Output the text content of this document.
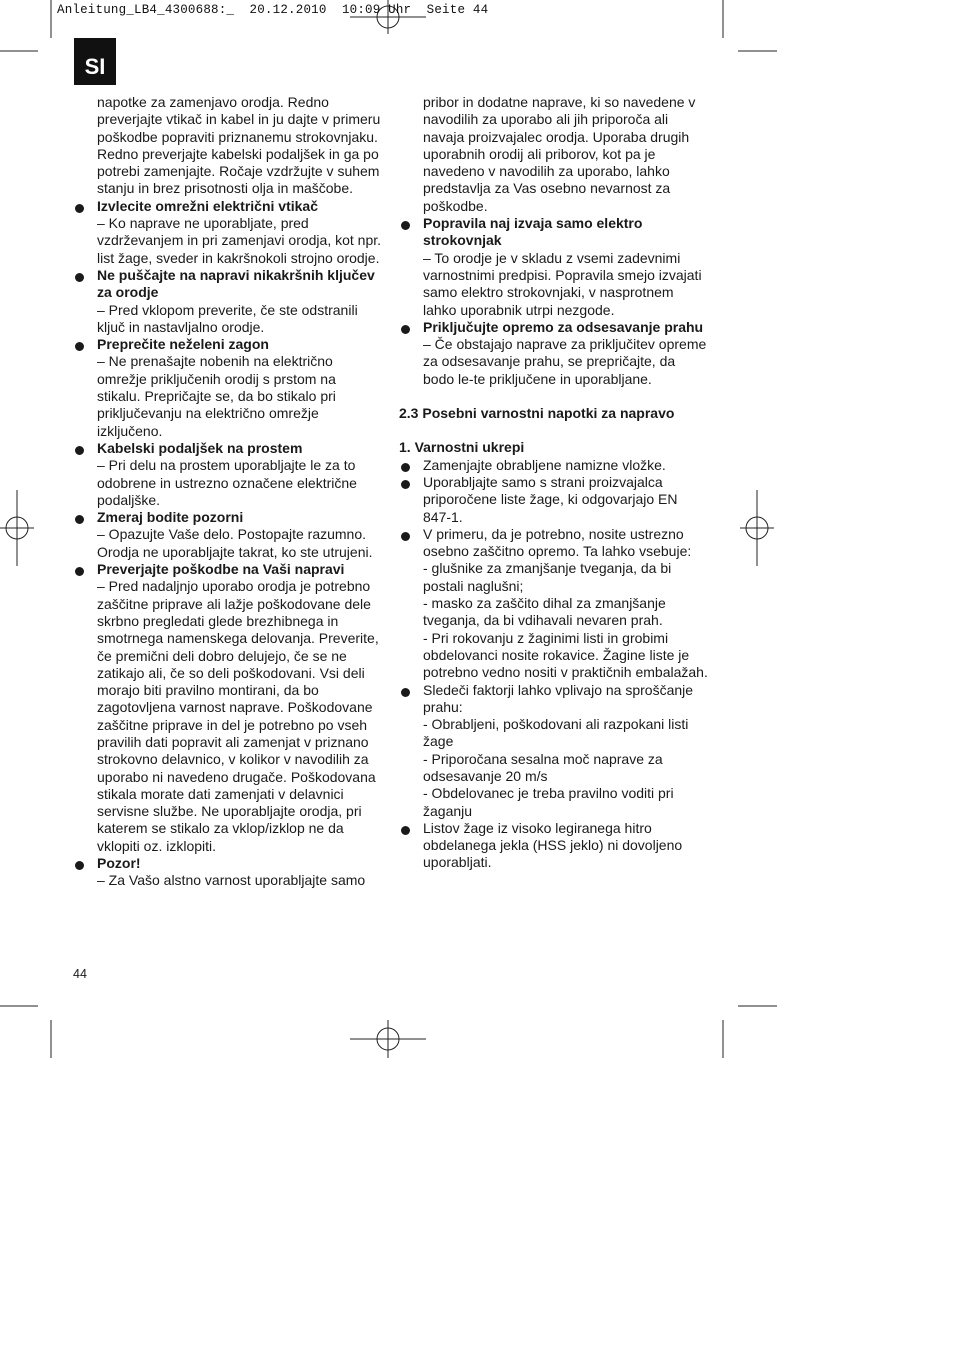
Anleitung_LB4_4300688:_  20.12.2010  10:09 Uhr  Seite 44
SI

napotke za zamenjavo orodja. Redno preverjajte vtikač in kabel in ju dajte v primeru poškodbe popraviti priznanemu strokovnjaku. Redno preverjajte kabelski podaljšek in ga po potrebi zamenjajte. Ročaje vzdržujte v suhem stanju in brez prisotnosti olja in maščobe.

Izvlecite omrežni električni vtikač
– Ko naprave ne uporabljate, pred vzdrževanjem in pri zamenjavi orodja, kot npr. list žage, sveder in kakršnokoli strojno orodje.
Ne puščajte na napravi nikakršnih ključev za orodje
– Pred vklopom preverite, če ste odstranili ključ in nastavljalno orodje.
Preprečite neželeni zagon
– Ne prenašajte nobenih na električno omrežje priključenih orodij s prstom na stikalu. Prepričajte se, da bo stikalo pri priključevanju na električno omrežje izključeno.
Kabelski podaljšek na prostem
– Pri delu na prostem uporabljajte le za to odobrene in ustrezno označene električne podaljške.
Zmeraj bodite pozorni
– Opazujte Vaše delo. Postopajte razumno. Orodja ne uporabljajte takrat, ko ste utrujeni.
Preverjajte poškodbe na Vaši napravi
– Pred nadaljnjo uporabo orodja je potrebno zaščitne priprave ali lažje poškodovane dele skrbno pregledati glede brezhibnega in smotrnega namenskega delovanja. Preverite, če premični deli dobro delujejo, če se ne zatikajo ali, če so deli poškodovani. Vsi deli morajo biti pravilno montirani, da bo zagotovljena varnost naprave. Poškodovane zaščitne priprave in del je potrebno po vseh pravilih dati popravit ali zamenjat v priznano strokovno delavnico, v kolikor v navodilih za uporabo ni navedeno drugače. Poškodovana stikala morate dati zamenjati v delavnici servisne službe. Ne uporabljajte orodja, pri katerem se stikalo za vklop/izklop ne da vklopiti oz. izklopiti.
Pozor!
– Za Vašo alstno varnost uporabljajte samo

pribor in dodatne naprave, ki so navedene v navodilih za uporabo ali jih priporoča ali navaja proizvajalec orodja. Uporaba drugih uporabnih orodij ali priborov, kot pa je navedeno v navodilih za uporabo, lahko predstavlja za Vas osebno nevarnost za poškodbe.

Popravila naj izvaja samo elektro strokovnjak
– To orodje je v skladu z vsemi zadevnimi varnostnimi predpisi. Popravila smejo izvajati samo elektro strokovnjaki, v nasprotnem lahko uporabnik utrpi nezgode.
Priključujte opremo za odsesavanje prahu
– Če obstajajo naprave za priključitev opreme za odsesavanje prahu, se prepričajte, da bodo le-te priključene in uporabljane.

2.3 Posebni varnostni napotki za napravo

1. Varnostni ukrepi

Zamenjajte obrabljene namizne vložke.
Uporabljajte samo s strani proizvajalca priporočene liste žage, ki odgovarjajo EN 847-1.
V primeru, da je potrebno, nosite ustrezno osebno zaščitno opremo. Ta lahko vsebuje:
- glušnike za zmanjšanje tveganja, da bi postali naglušni;
- masko za zaščito dihal za zmanjšanje tveganja, da bi vdihavali nevaren prah.
- Pri rokovanju z žaginimi listi in grobimi obdelovanci nosite rokavice. Žagine liste je potrebno vedno nositi v praktičnih embalažah.
Sledeči faktorji lahko vplivajo na sproščanje prahu:
- Obrabljeni, poškodovani ali razpokani listi žage
- Priporočana sesalna moč naprave za odsesavanje 20 m/s
- Obdelovanec je treba pravilno voditi pri žaganju
Listov žage iz visoko legiranega hitro obdelanega jekla (HSS jeklo) ni dovoljeno uporabljati.
44
